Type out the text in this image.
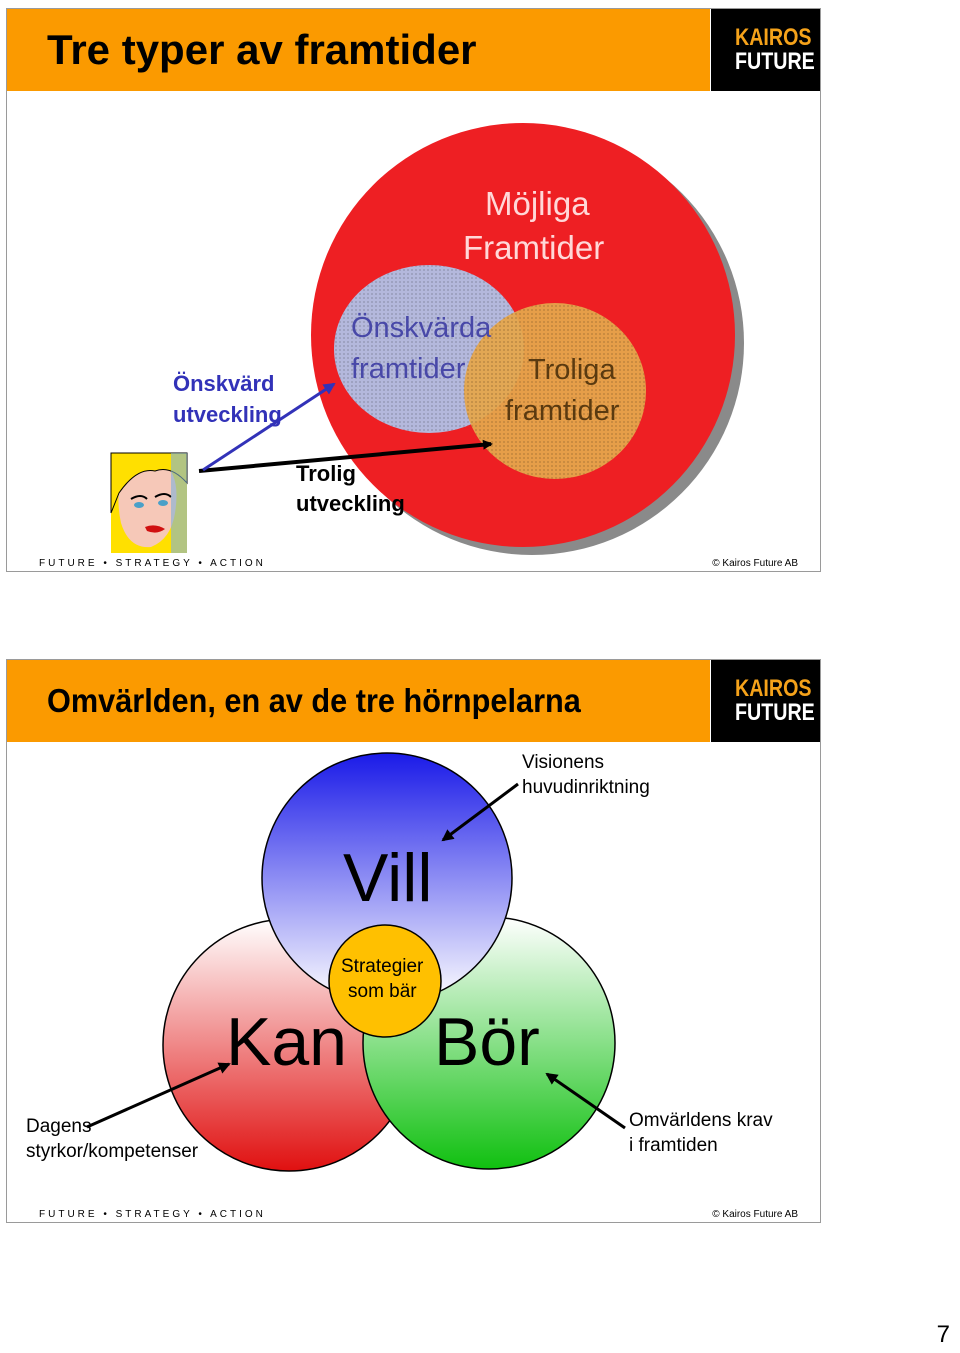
Tre typer av framtider	KAIROS
FUTURE
Möjliga
Framtider
Önskvärda
framtider Troliga
framtider
Önskvärd
utveckling
Trolig
utveckling
FUTURE • STRATEGY • ACTION	© Kairos Future AB
Omvärlden, en av de tre hörnpelarna	KAIROS
FUTURE
Vill
Kan Bör
Strategier
som bär
Visionens
huvudinriktning
Dagens
styrkor/kompetenser
Omvärldens krav
i framtiden
FUTURE • STRATEGY • ACTION	© Kairos Future AB
7
